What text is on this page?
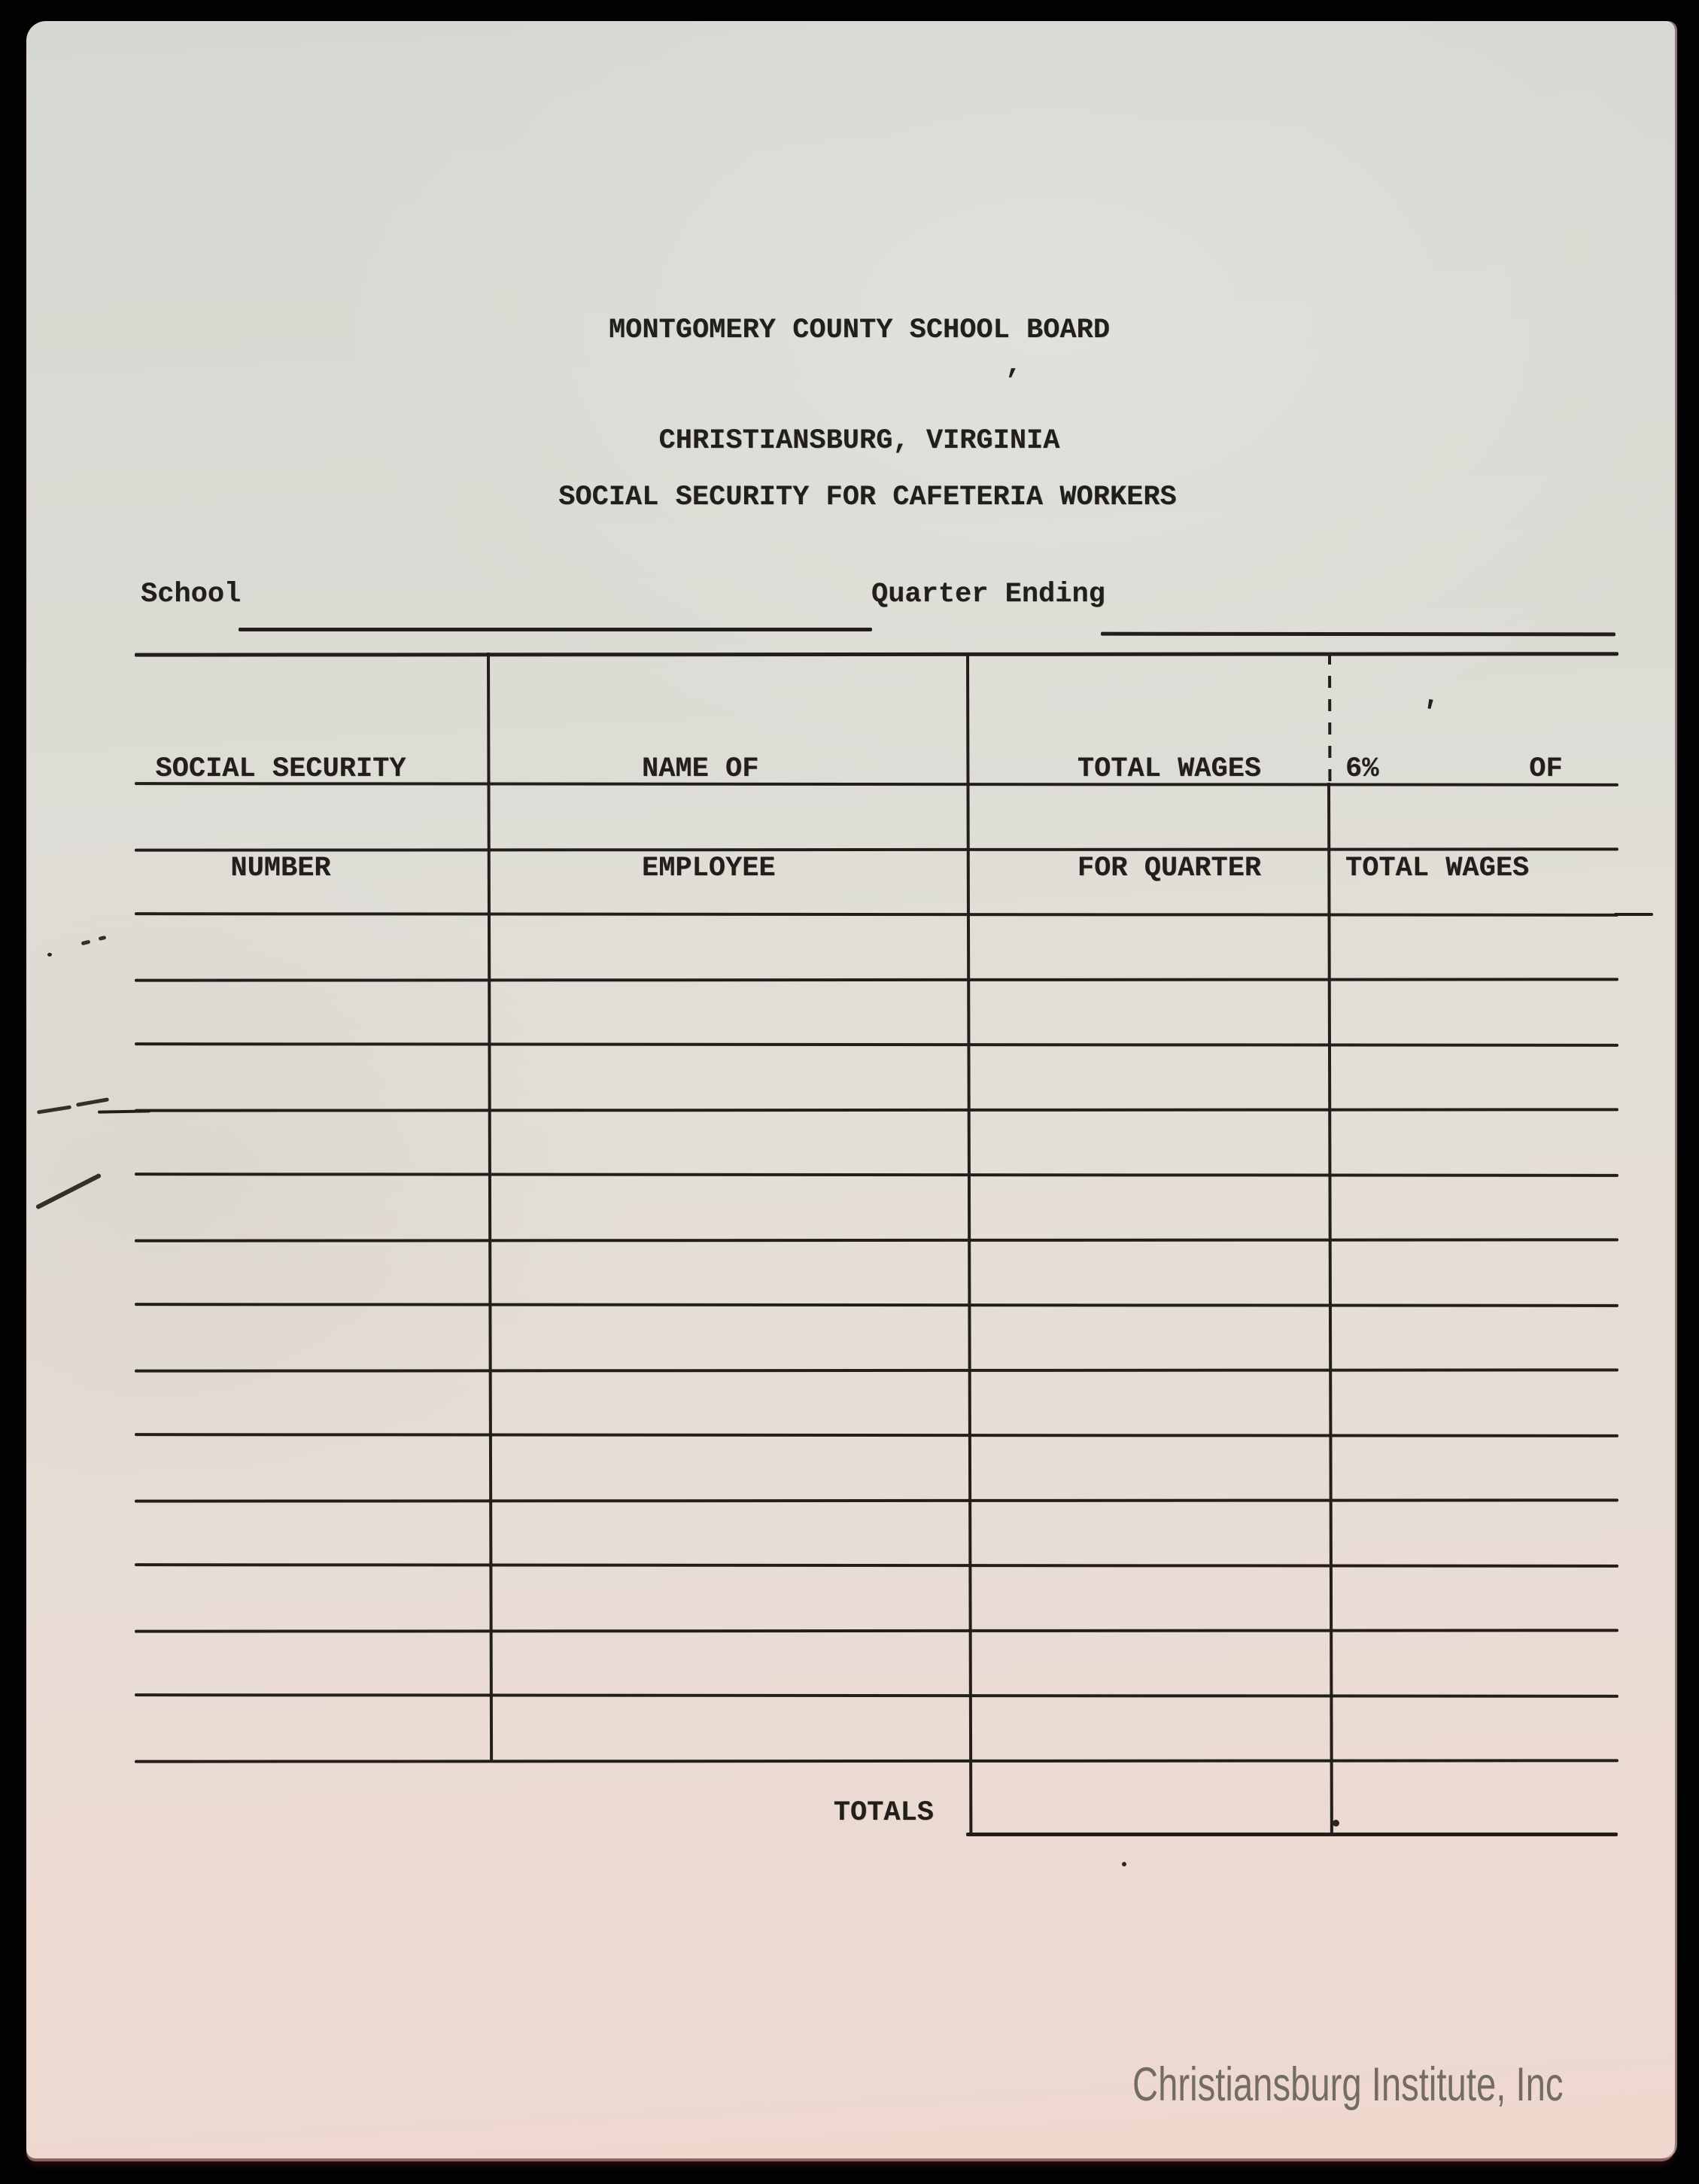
MONTGOMERY COUNTY SCHOOL BOARD

CHRISTIANSBURG, VIRGINIA

,
SOCIAL SECURITY FOR CAFETERIA WORKERS
School	Quarter Ending

SOCIAL SECURITY

NUMBER

NAME OF

EMPLOYEE

TOTAL WAGES

FOR QUARTER

6%         OF

TOTAL WAGES

'
TOTALS
Christiansburg Institute, Inc
